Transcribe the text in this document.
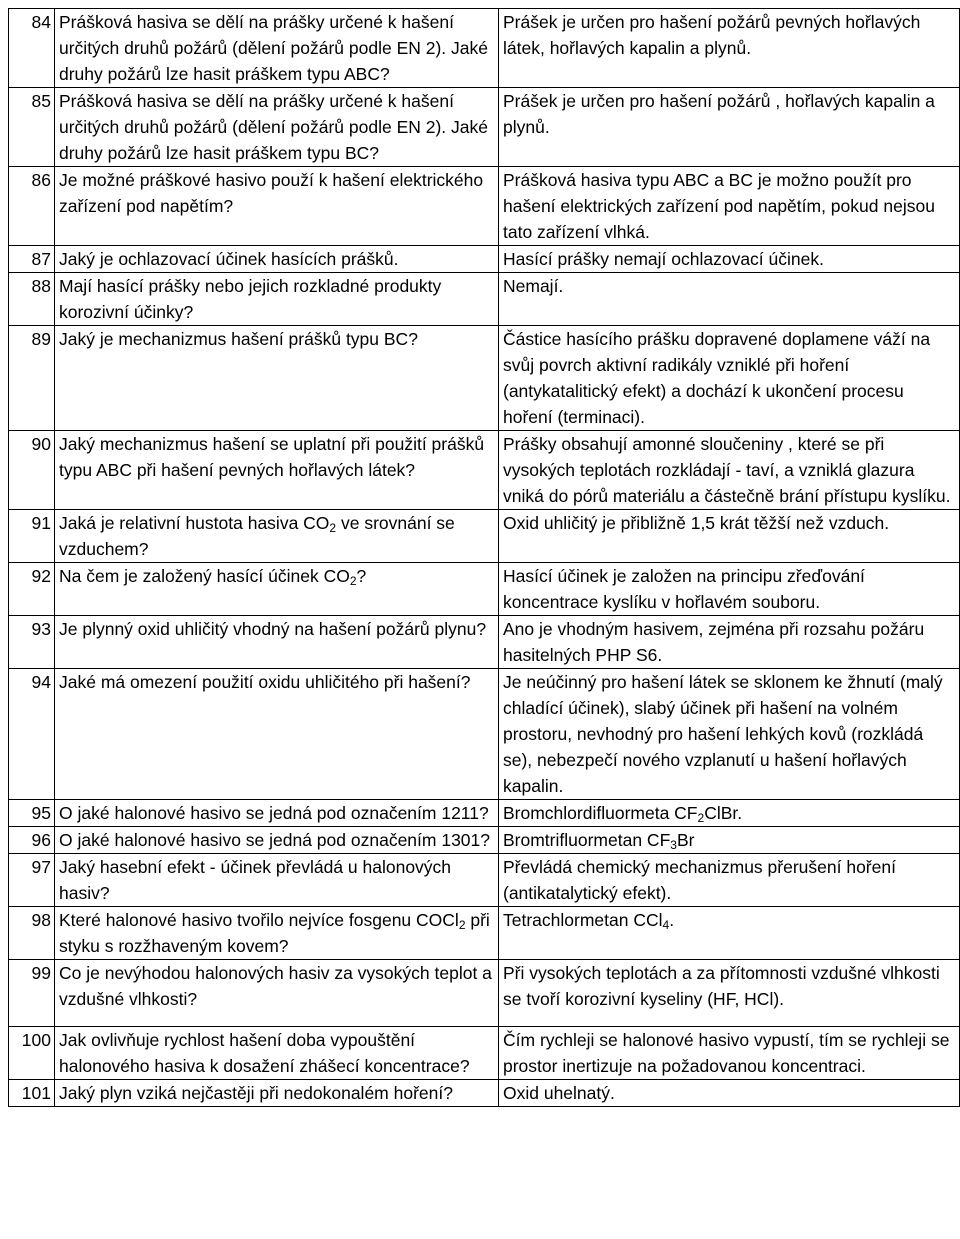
84	Prášková hasiva se dělí na prášky určené k hašení určitých druhů požárů (dělení požárů podle EN 2). Jaké druhy požárů lze hasit práškem typu ABC?	Prášek je určen pro hašení požárů pevných hořlavých látek, hořlavých kapalin a plynů.
85	Prášková hasiva se dělí na prášky určené k hašení určitých druhů požárů (dělení požárů podle EN 2). Jaké druhy požárů lze hasit práškem typu BC?	Prášek je určen pro hašení požárů , hořlavých kapalin a plynů.
86	Je možné práškové hasivo použí k hašení elektrického zařízení pod napětím?	Prášková hasiva typu ABC a BC je možno použít pro hašení elektrických zařízení pod napětím, pokud nejsou tato zařízení vlhká.
87	Jaký je ochlazovací účinek hasících prášků.	Hasící prášky nemají ochlazovací účinek.
88	Mají hasící prášky nebo jejich rozkladné produkty korozivní účinky?	Nemají.
89	Jaký je mechanizmus hašení prášků typu BC?	Částice hasícího prášku dopravené doplamene váží na svůj povrch aktivní radikály vzniklé při hoření (antykatalitický efekt) a dochází k ukončení procesu hoření (terminaci).
90	Jaký mechanizmus hašení se uplatní při použití prášků typu ABC při hašení pevných hořlavých látek?	Prášky obsahují amonné sloučeniny , které se při vysokých teplotách rozkládají - taví, a vzniklá glazura vniká do pórů materiálu a částečně brání přístupu kyslíku.
91	Jaká je relativní hustota hasiva $CO_2$ ve srovnání se vzduchem?	Oxid uhličitý je přibližně 1,5 krát těžší než vzduch.
92	Na čem je založený hasící účinek $CO_2$?	Hasící účinek je založen na principu zřeďování koncentrace kyslíku v hořlavém souboru.
93	Je plynný oxid uhličitý vhodný na hašení požárů plynu?	Ano je vhodným hasivem, zejména při rozsahu požáru hasitelných PHP S6.
94	Jaké má omezení použití oxidu uhličitého při hašení?	Je neúčinný pro hašení látek se sklonem ke žhnutí (malý chladící účinek), slabý účinek při hašení na volném prostoru, nevhodný pro hašení lehkých kovů (rozkládá se), nebezpečí nového vzplanutí u hašení hořlavých kapalin.
95	O jaké halonové hasivo se jedná pod označením 1211?	Bromchlordifluormeta $CF_2ClBr$.
96	O jaké halonové hasivo se jedná pod označením 1301?	Bromtrifluormetan $CF_3Br$
97	Jaký hasební efekt - účinek převládá u halonových hasiv?	Převládá chemický mechanizmus přerušení hoření (antikatalytický efekt).
98	Které halonové hasivo tvořilo nejvíce fosgenu COCl$_2$ při styku s rozžhaveným kovem?	Tetrachlormetan CCl$_4$.
99	Co je nevýhodou halonových hasiv za vysokých teplot a vzdušné vlhkosti?	Při vysokých teplotách a za přítomnosti vzdušné vlhkosti se tvoří korozivní kyseliny (HF, HCl).
100	Jak ovlivňuje rychlost hašení doba vypouštění halonového hasiva k dosažení zhášecí koncentrace?	Čím rychleji se halonové hasivo vypustí, tím se rychleji se prostor inertizuje na požadovanou koncentraci.
101	Jaký plyn vziká nejčastěji při nedokonalém hoření?	Oxid uhelnatý.
